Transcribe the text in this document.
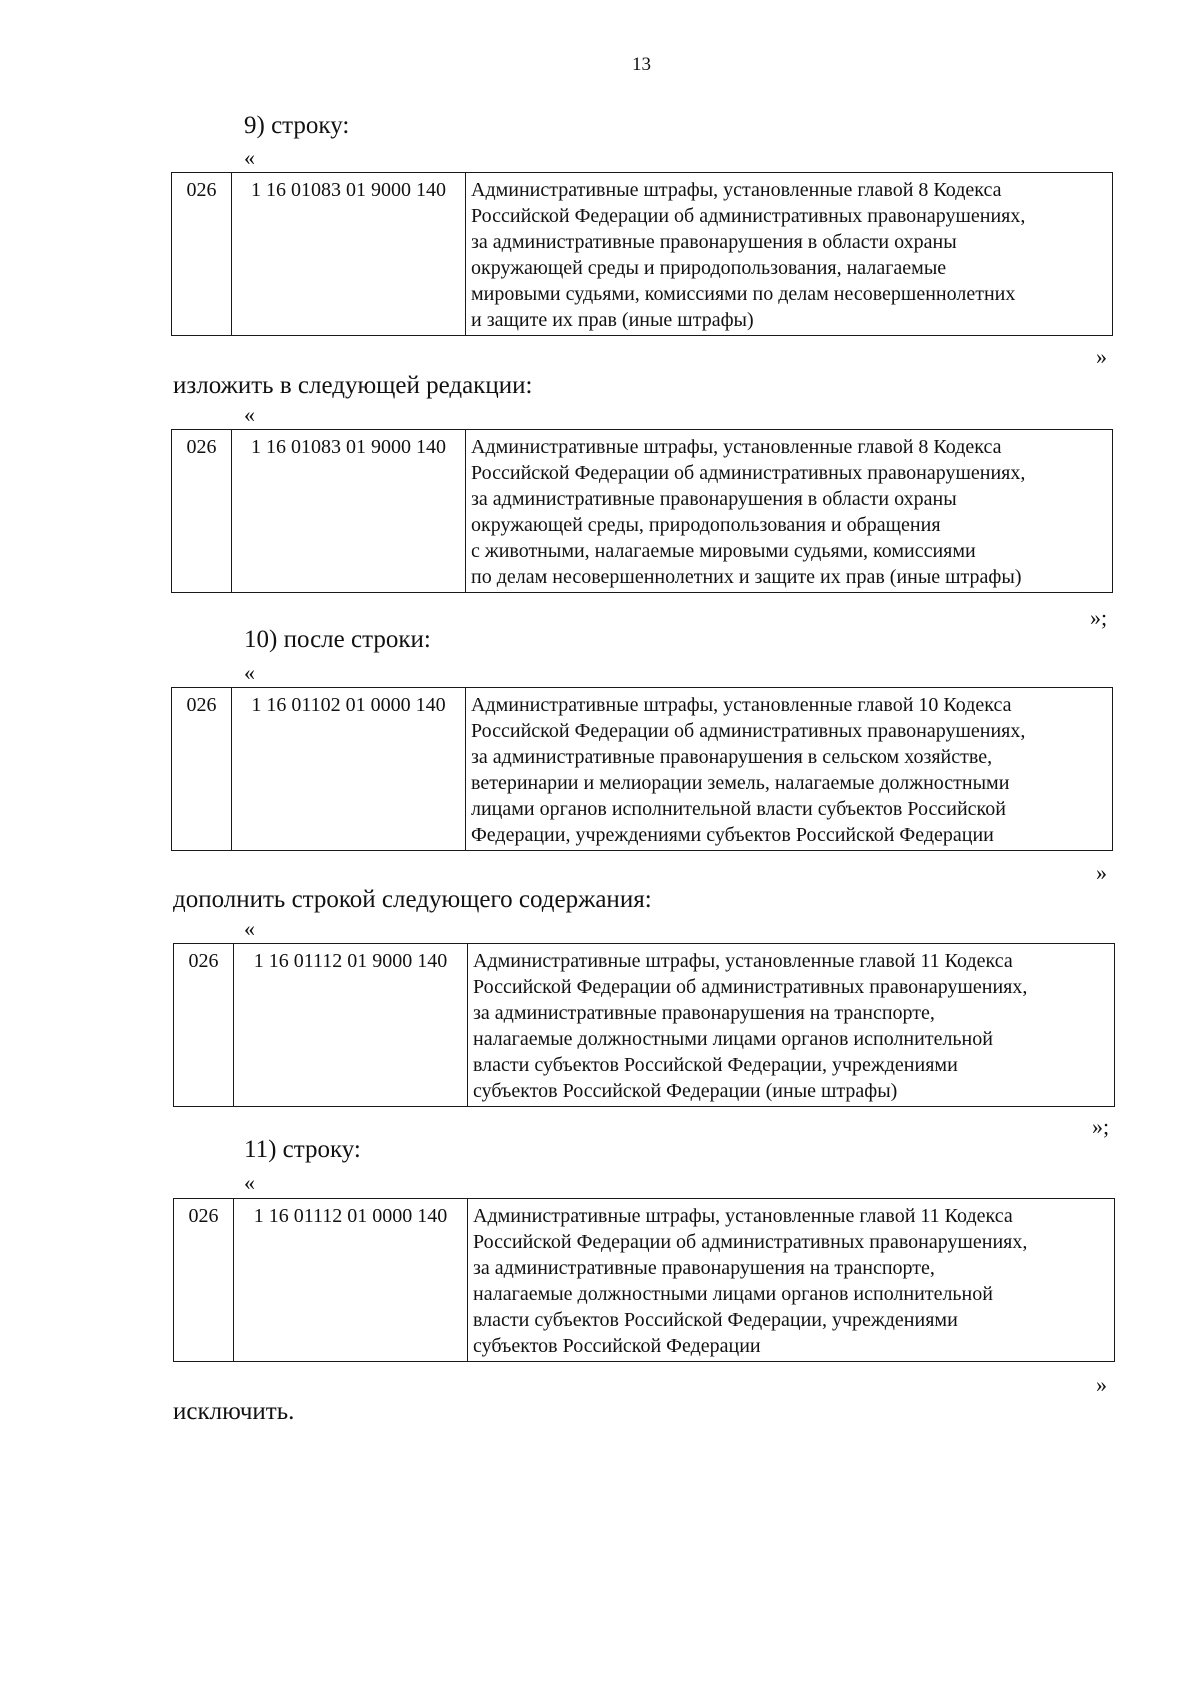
13
9) строку:
«
026	1 16 01083 01 9000 140	Административные штрафы, установленные главой 8 Кодекса
Российской Федерации об административных правонарушениях,
за административные правонарушения в области охраны
окружающей среды и природопользования, налагаемые
мировыми судьями, комиссиями по делам несовершеннолетних
и защите их прав (иные штрафы)
»
изложить в следующей редакции:
«
026	1 16 01083 01 9000 140	Административные штрафы, установленные главой 8 Кодекса
Российской Федерации об административных правонарушениях,
за административные правонарушения в области охраны
окружающей среды, природопользования и обращения
с животными, налагаемые мировыми судьями, комиссиями
по делам несовершеннолетних и защите их прав (иные штрафы)
»;
10) после строки:
«
026	1 16 01102 01 0000 140	Административные штрафы, установленные главой 10 Кодекса
Российской Федерации об административных правонарушениях,
за административные правонарушения в сельском хозяйстве,
ветеринарии и мелиорации земель, налагаемые должностными
лицами органов исполнительной власти субъектов Российской
Федерации, учреждениями субъектов Российской Федерации
»
дополнить строкой следующего содержания:
«
026	1 16 01112 01 9000 140	Административные штрафы, установленные главой 11 Кодекса
Российской Федерации об административных правонарушениях,
за административные правонарушения на транспорте,
налагаемые должностными лицами органов исполнительной
власти субъектов Российской Федерации, учреждениями
субъектов Российской Федерации (иные штрафы)
»;
11) строку:
«
026	1 16 01112 01 0000 140	Административные штрафы, установленные главой 11 Кодекса
Российской Федерации об административных правонарушениях,
за административные правонарушения на транспорте,
налагаемые должностными лицами органов исполнительной
власти субъектов Российской Федерации, учреждениями
субъектов Российской Федерации
»
исключить.
